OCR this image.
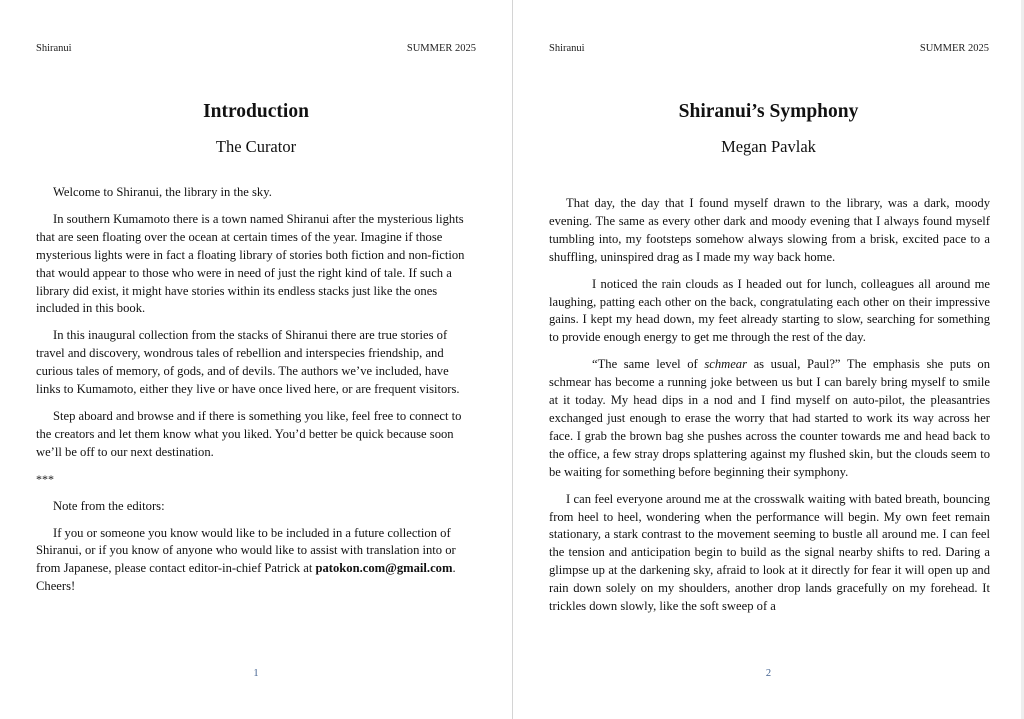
Shiranui	SUMMER 2025
Introduction
The Curator

Welcome to Shiranui, the library in the sky.

In southern Kumamoto there is a town named Shiranui after the mysterious lights that are seen floating over the ocean at certain times of the year. Imagine if those mysterious lights were in fact a floating library of stories both fiction and non-fiction that would appear to those who were in need of just the right kind of tale. If such a library did exist, it might have stories within its endless stacks just like the ones included in this book.

In this inaugural collection from the stacks of Shiranui there are true stories of travel and discovery, wondrous tales of rebellion and interspecies friendship, and curious tales of memory, of gods, and of devils. The authors we’ve included, have links to Kumamoto, either they live or have once lived here, or are frequent visitors.

Step aboard and browse and if there is something you like, feel free to connect to the creators and let them know what you liked. You’d better be quick because soon we’ll be off to our next destination.

***

Note from the editors:

If you or someone you know would like to be included in a future collection of Shiranui, or if you know of anyone who would like to assist with translation into or from Japanese, please contact editor-in-chief Patrick at patokon.com@gmail.com. Cheers!

1
Shiranui	SUMMER 2025
Shiranui’s Symphony
Megan Pavlak

That day, the day that I found myself drawn to the library, was a dark, moody evening. The same as every other dark and moody evening that I always found myself tumbling into, my footsteps somehow always slowing from a brisk, excited pace to a shuffling, uninspired drag as I made my way back home.

I noticed the rain clouds as I headed out for lunch, colleagues all around me laughing, patting each other on the back, congratulating each other on their impressive gains. I kept my head down, my feet already starting to slow, searching for something to provide enough energy to get me through the rest of the day.

“The same level of schmear as usual, Paul?” The emphasis she puts on schmear has become a running joke between us but I can barely bring myself to smile at it today. My head dips in a nod and I find myself on auto-pilot, the pleasantries exchanged just enough to erase the worry that had started to work its way across her face. I grab the brown bag she pushes across the counter towards me and head back to the office, a few stray drops splattering against my flushed skin, but the clouds seem to be waiting for something before beginning their symphony.

I can feel everyone around me at the crosswalk waiting with bated breath, bouncing from heel to heel, wondering when the performance will begin. My own feet remain stationary, a stark contrast to the movement seeming to bustle all around me. I can feel the tension and anticipation begin to build as the signal nearby shifts to red. Daring a glimpse up at the darkening sky, afraid to look at it directly for fear it will open up and rain down solely on my shoulders, another drop lands gracefully on my forehead. It trickles down slowly, like the soft sweep of a

2
